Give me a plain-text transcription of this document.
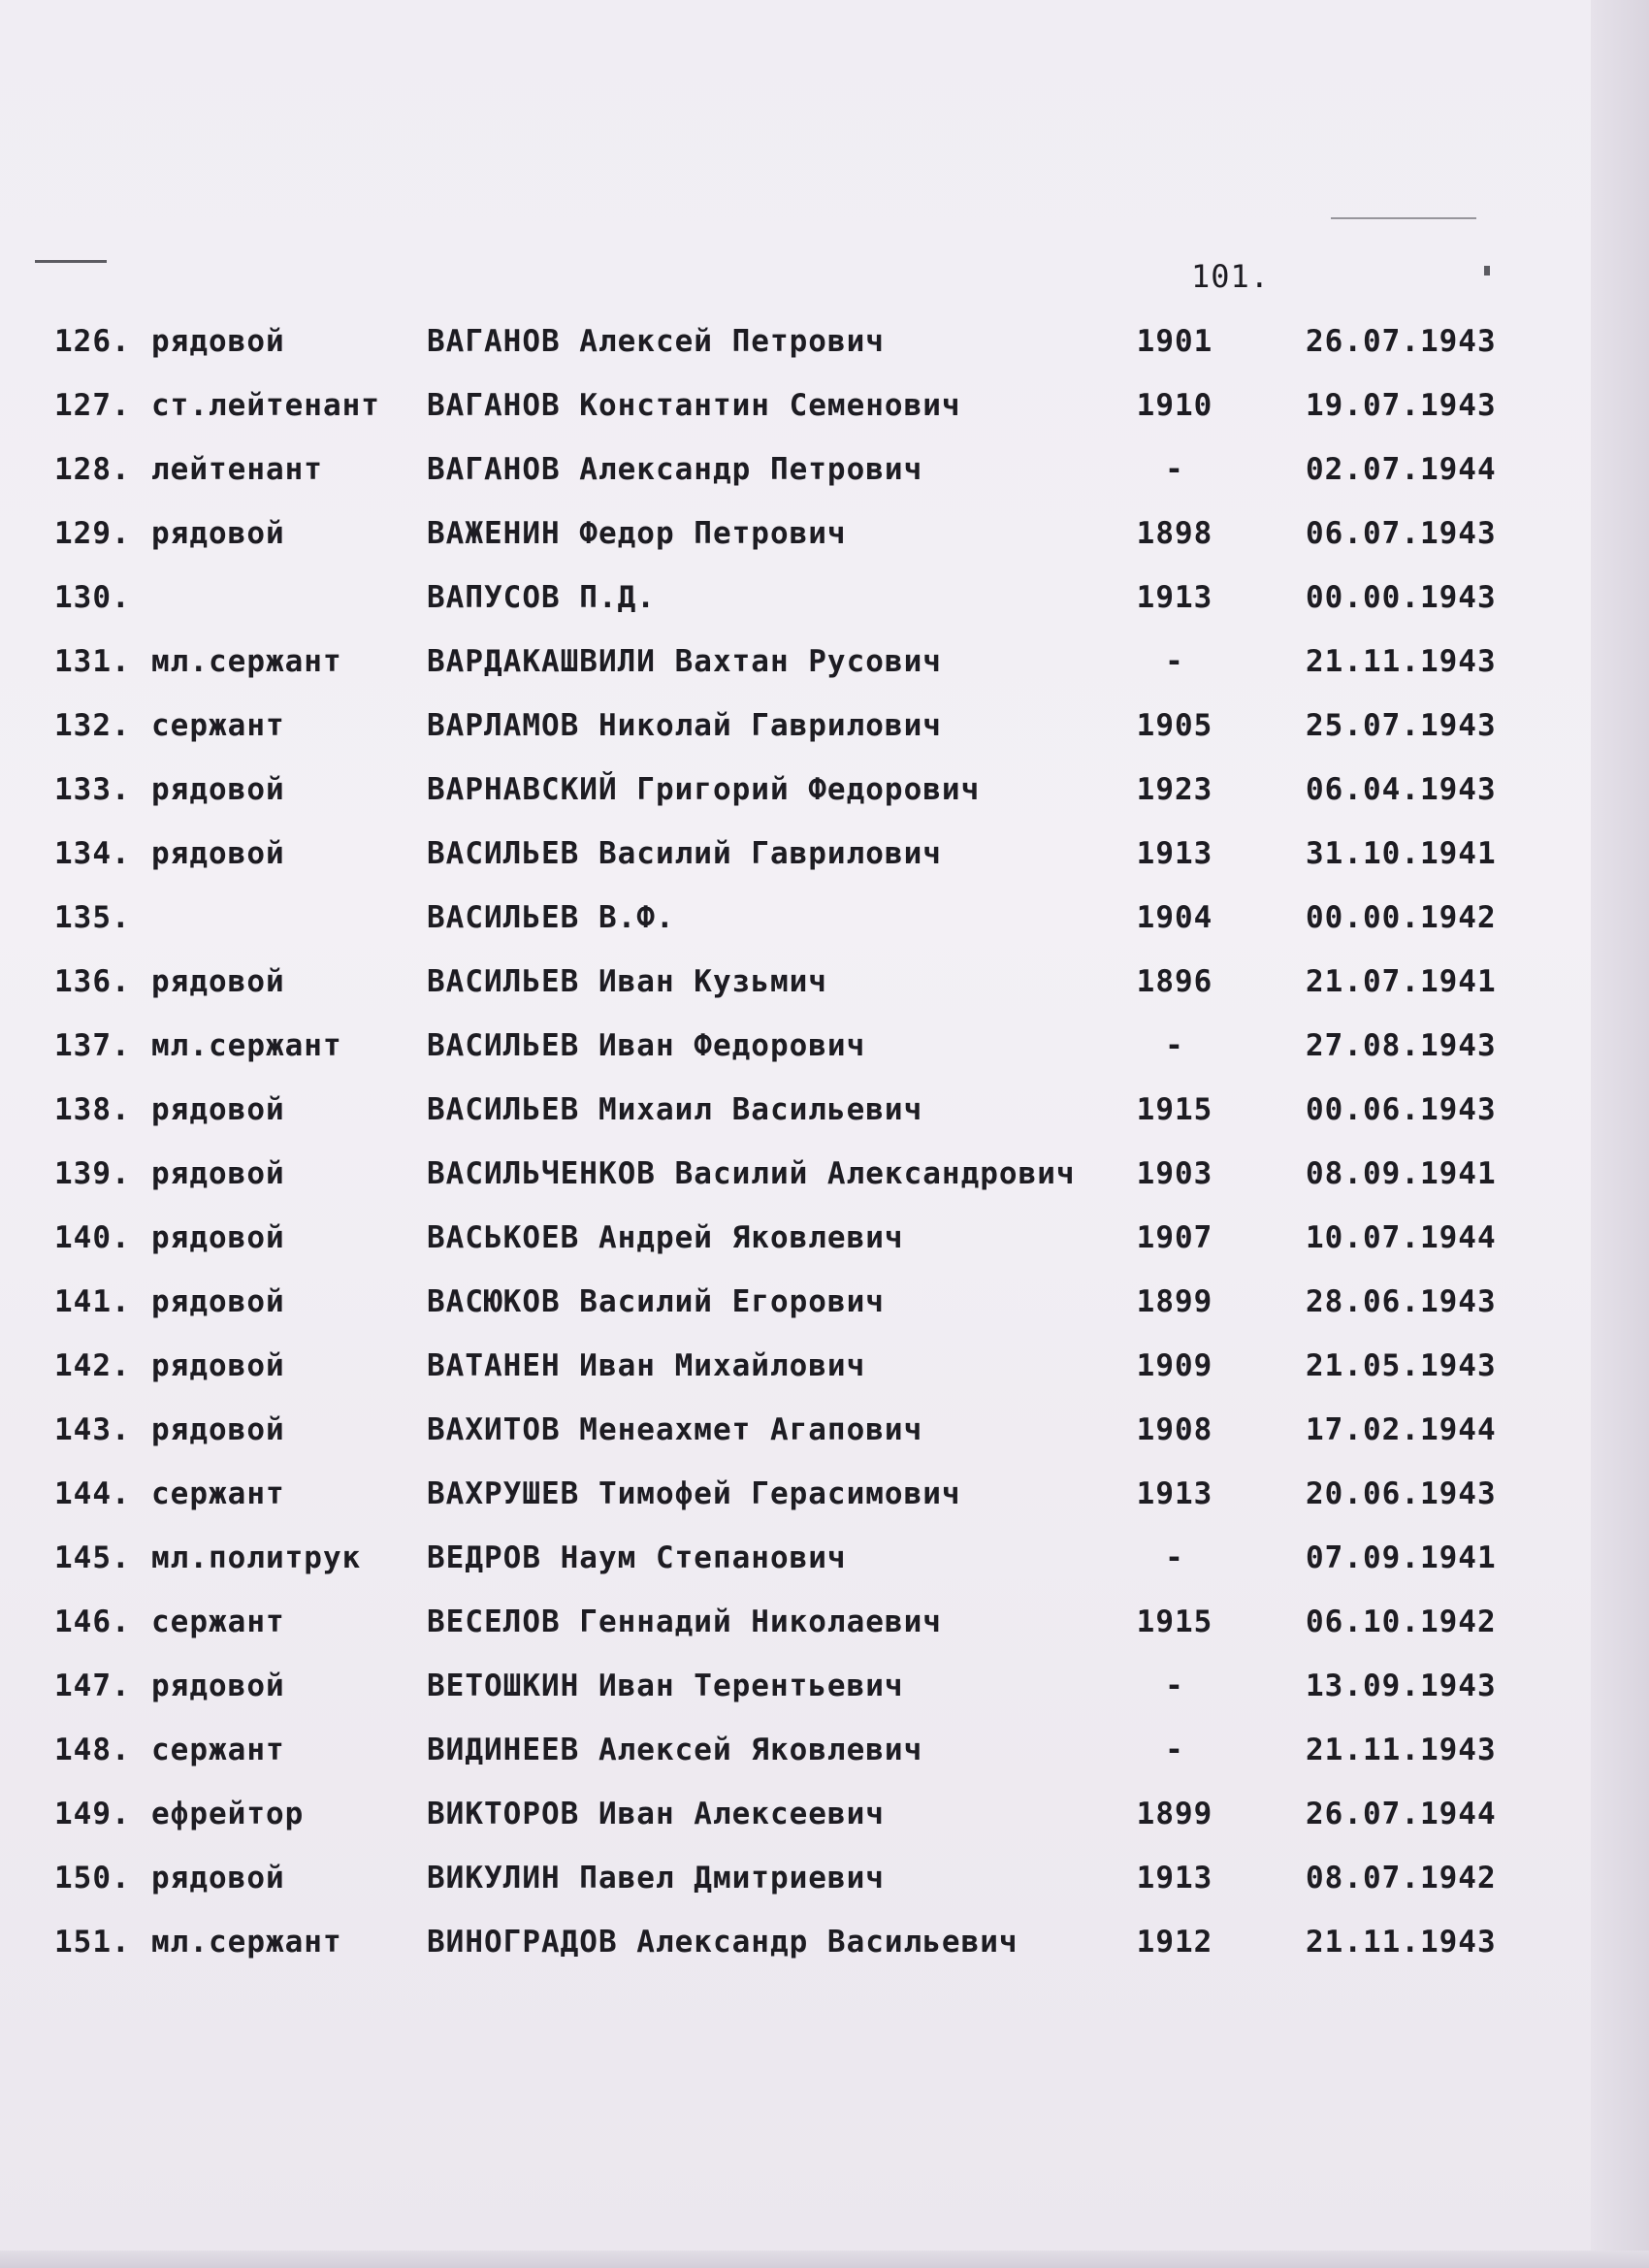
101.
126. рядовой	ВАГАНОВ Алексей Петрович	1901	26.07.1943
127. ст.лейтенант ВАГАНОВ Константин Семенович	1910	19.07.1943
128. лейтенант	ВАГАНОВ Александр Петрович	-	02.07.1944
129. рядовой	ВАЖЕНИН Федор Петрович	1898	06.07.1943
130.	ВАПУСОВ П.Д.	1913	00.00.1943
131. мл.сержант	ВАРДАКАШВИЛИ Вахтан Русович	-	21.11.1943
132. сержант	ВАРЛАМОВ Николай Гаврилович	1905	25.07.1943
133. рядовой	ВАРНАВСКИЙ Григорий Федорович	1923	06.04.1943
134. рядовой	ВАСИЛЬЕВ Василий Гаврилович	1913	31.10.1941
135.	ВАСИЛЬЕВ В.Ф.	1904	00.00.1942
136. рядовой	ВАСИЛЬЕВ Иван Кузьмич	1896	21.07.1941
137. мл.сержант	ВАСИЛЬЕВ Иван Федорович	-	27.08.1943
138. рядовой	ВАСИЛЬЕВ Михаил Васильевич	1915	00.06.1943
139. рядовой	ВАСИЛЬЧЕНКОВ Василий Александрович	1903	08.09.1941
140. рядовой	ВАСЬКОЕВ Андрей Яковлевич	1907	10.07.1944
141. рядовой	ВАСЮКОВ Василий Егорович	1899	28.06.1943
142. рядовой	ВАТАНЕН Иван Михайлович	1909	21.05.1943
143. рядовой	ВАХИТОВ Менеахмет Агапович	1908	17.02.1944
144. сержант	ВАХРУШЕВ Тимофей Герасимович	1913	20.06.1943
145. мл.политрук ВЕДРОВ Наум Степанович	-	07.09.1941
146. сержант	ВЕСЕЛОВ Геннадий Николаевич	1915	06.10.1942
147. рядовой	ВЕТОШКИН Иван Терентьевич	-	13.09.1943
148. сержант	ВИДИНЕЕВ Алексей Яковлевич	-	21.11.1943
149. ефрейтор	ВИКТОРОВ Иван Алексеевич	1899	26.07.1944
150. рядовой	ВИКУЛИН Павел Дмитриевич	1913	08.07.1942
151. мл.сержант	ВИНОГРАДОВ Александр Васильевич	1912	21.11.1943
